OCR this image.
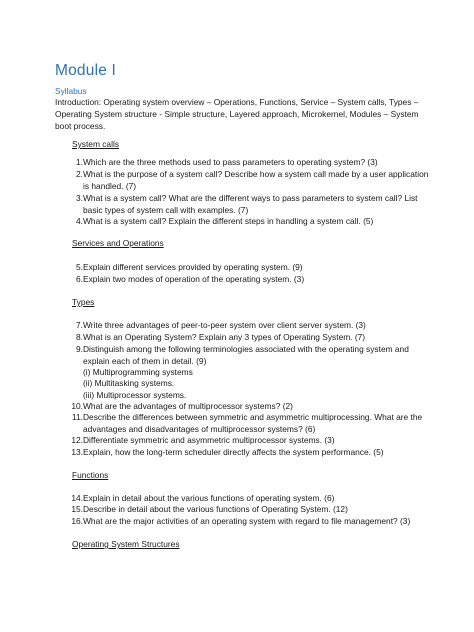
Module I
Syllabus
Introduction: Operating system overview – Operations, Functions, Service – System calls, Types – Operating System structure - Simple structure, Layered approach, Microkernel, Modules – System boot process.
System calls
1. Which are the three methods used to pass parameters to operating system? (3)
2. What is the purpose of a system call? Describe how a system call made by a user application is handled. (7)
3. What is a system call? What are the different ways to pass parameters to system call? List basic types of system call with examples. (7)
4. What is a system call? Explain the different steps in handling a system call. (5)
Services and Operations
5. Explain different services provided by operating system. (9)
6. Explain two modes of operation of the operating system. (3)
Types
7. Write three advantages of peer-to-peer system over client server system. (3)
8. What is an Operating System? Explain any 3 types of Operating System. (7)
9. Distinguish among the following terminologies associated with the operating system and explain each of them in detail. (9)
(i) Multiprogramming systems
(ii) Multitasking systems.
(iii) Multiprocessor systems.
10. What are the advantages of multiprocessor systems? (2)
11. Describe the differences between symmetric and asymmetric multiprocessing. What are the advantages and disadvantages of multiprocessor systems? (6)
12. Differentiate symmetric and asymmetric multiprocessor systems. (3)
13. Explain, how the long-term scheduler directly affects the system performance. (5)
Functions
14. Explain in detail about the various functions of operating system. (6)
15. Describe in detail about the various functions of Operating System. (12)
16. What are the major activities of an operating system with regard to file management? (3)
Operating System Structures
